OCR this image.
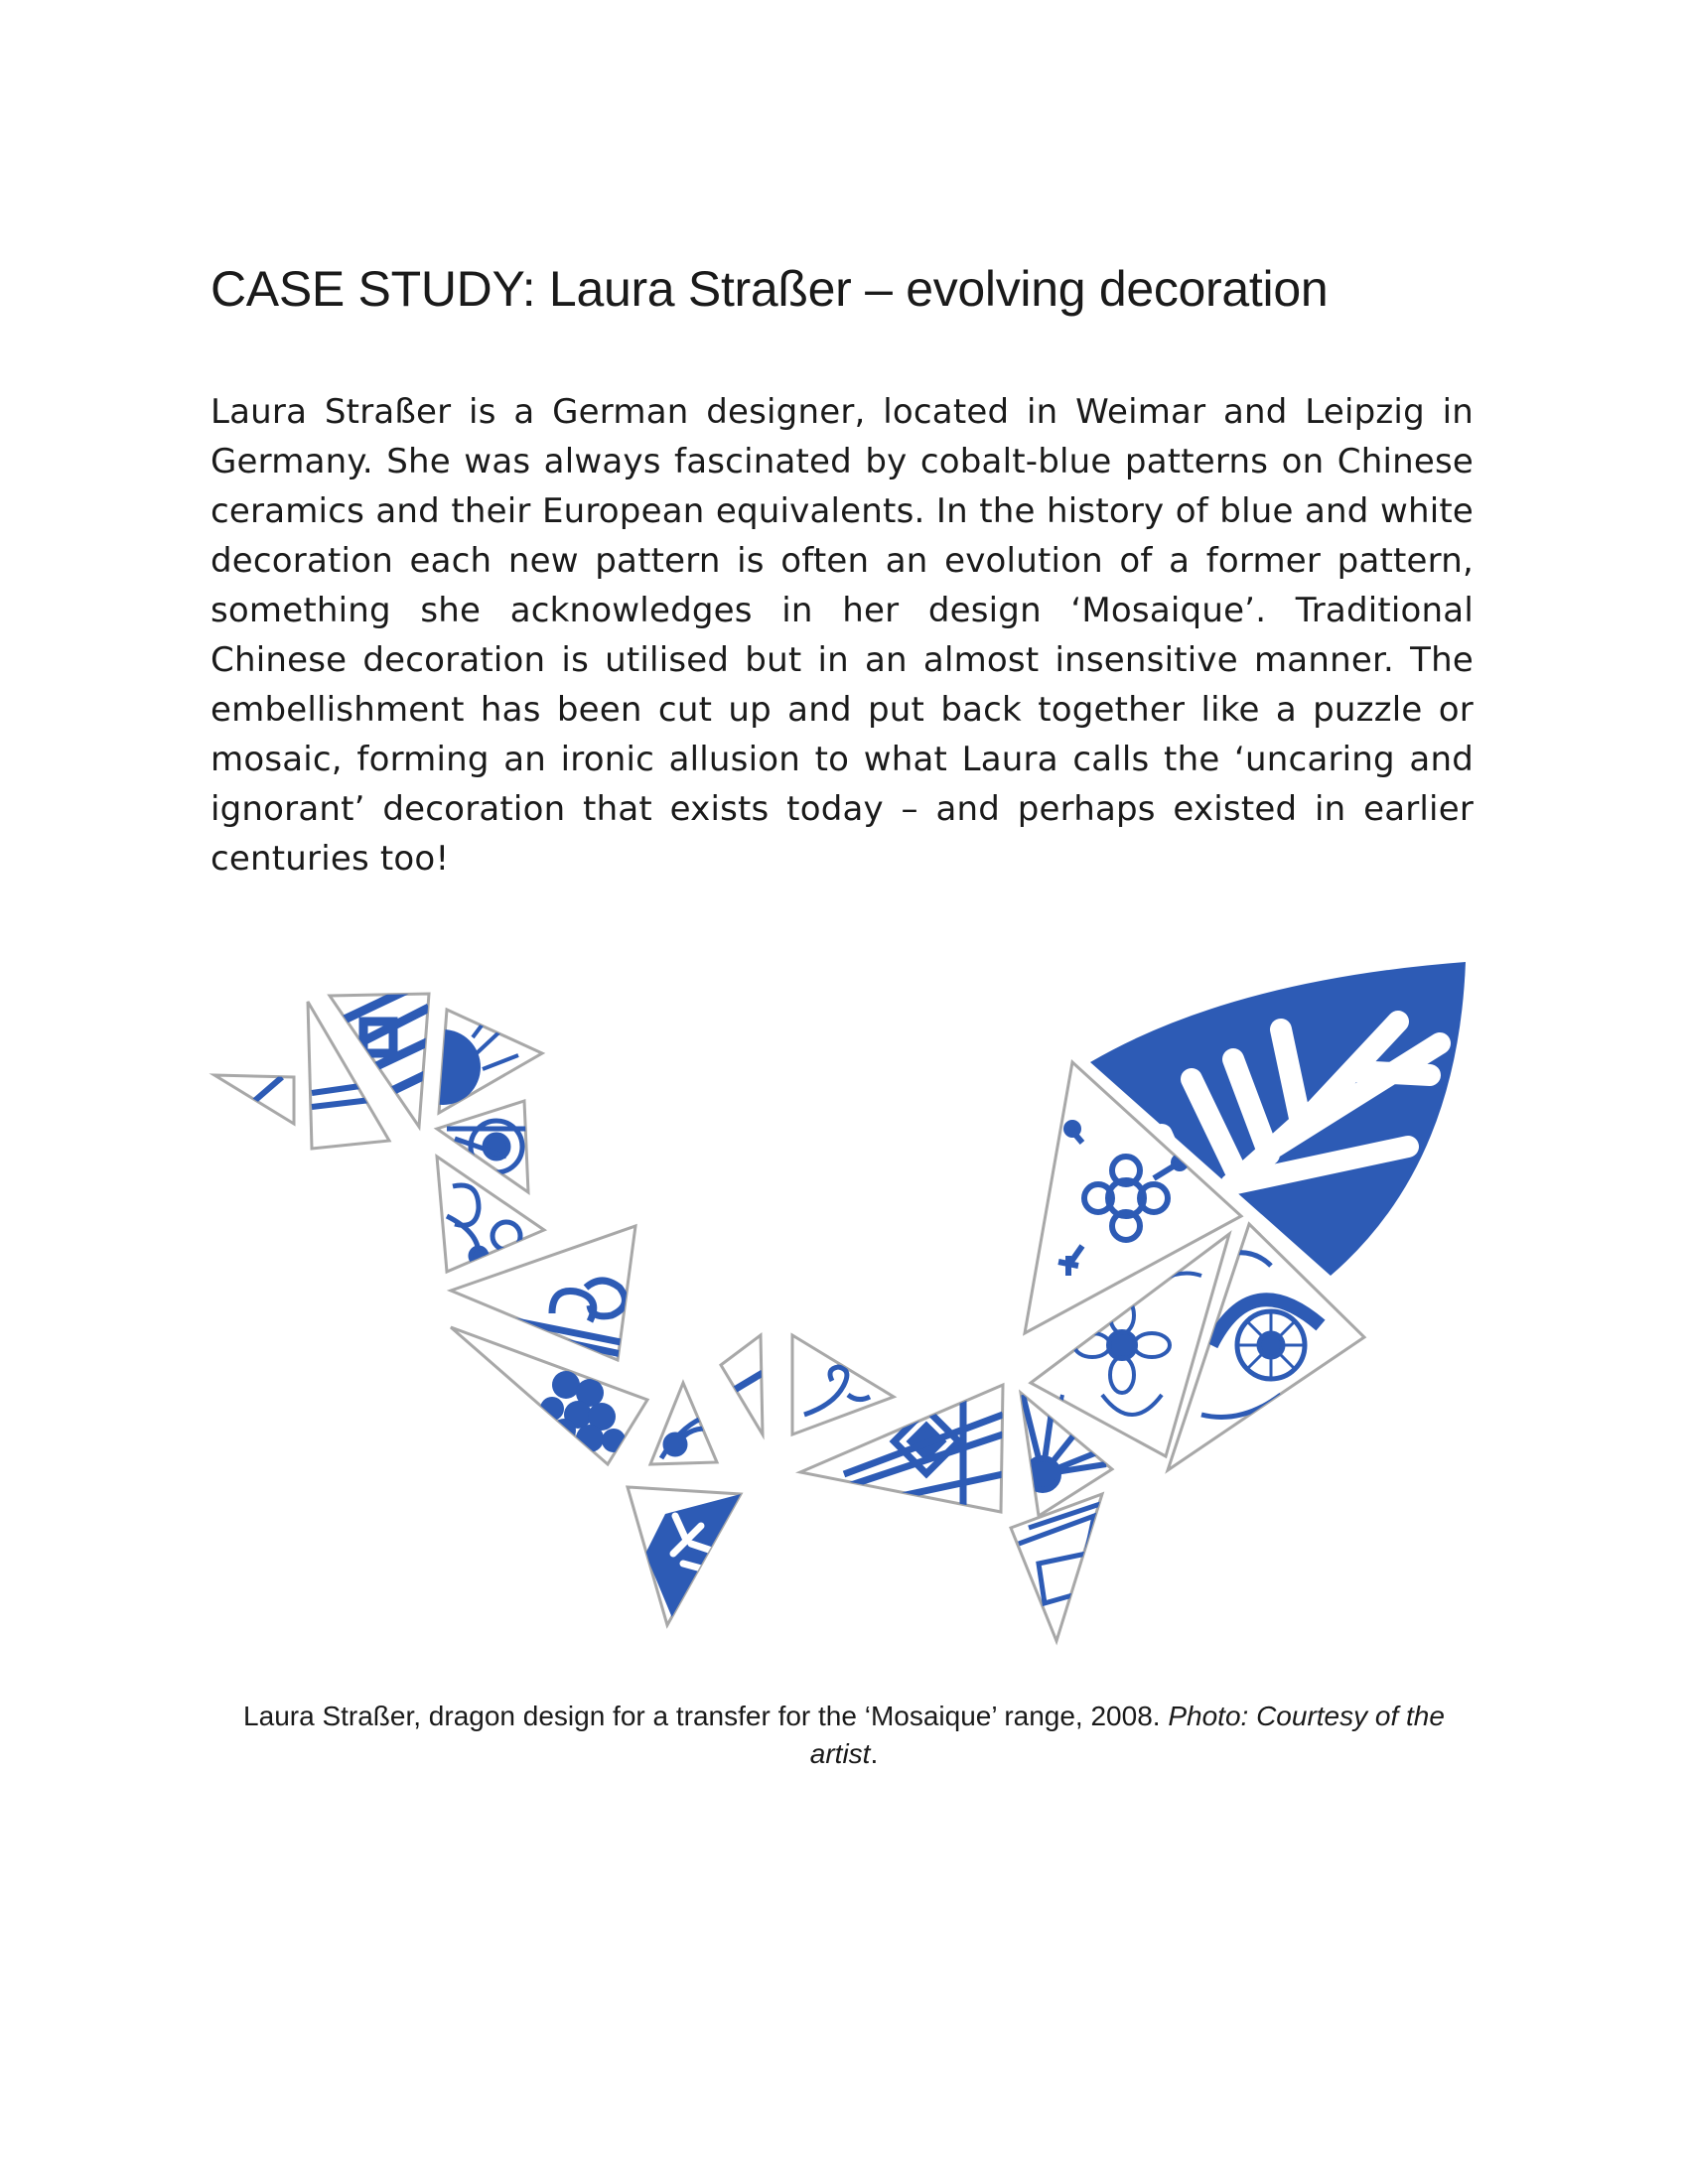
CASE STUDY: Laura Straßer – evolving decoration

Laura Straßer is a German designer, located in Weimar and Leipzig in Germany. She was always fascinated by cobalt-blue patterns on Chinese ceramics and their European equivalents. In the history of blue and white decoration each new pattern is often an evolution of a former pattern, something she acknowledges in her design ‘Mosaique’. Traditional Chinese decoration is utilised but in an almost insensitive manner. The embellishment has been cut up and put back together like a puzzle or mosaic, forming an ironic allusion to what Laura calls the ‘uncaring and ignorant’ decoration that exists today – and perhaps existed in earlier centuries too!

Laura Straßer, dragon design for a transfer for the ‘Mosaique’ range, 2008. Photo: Courtesy of the artist.
